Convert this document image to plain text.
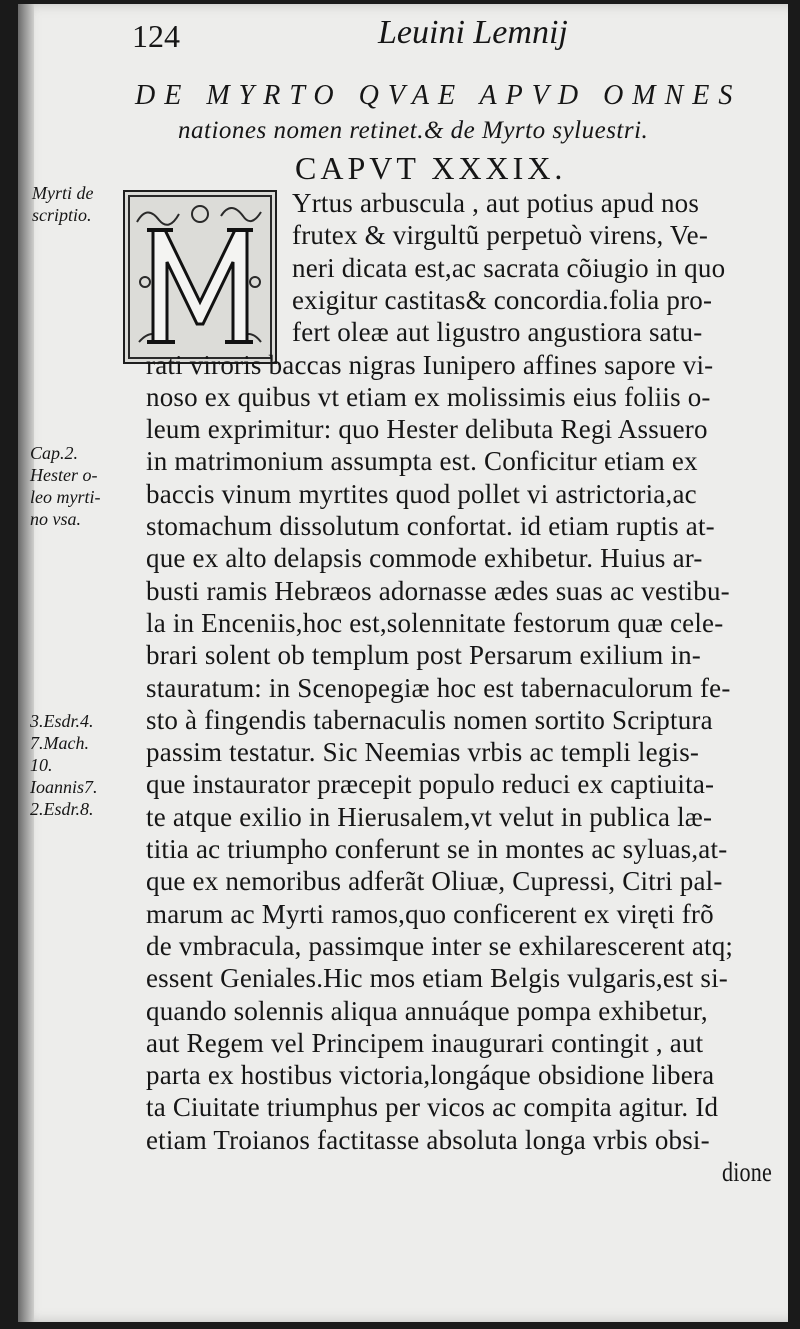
124	Leuini Lemnij
DE MYRTO QVAE APVD OMNES
nationes nomen retinet.& de Myrto syluestri.
CAPVT XXXIX.
Myrti de
scriptio.
Cap.2.
Hester o-
leo myrti-
no vsa.
3.Esdr.4.
7.Mach.
10.
Ioannis7.
2.Esdr.8.
Yrtus arbuscula , aut potius apud nos
frutex & virgultũ perpetuò virens, Ve-
neri dicata est,ac sacrata cõiugio in quo
exigitur castitas& concordia.folia pro-
fert oleæ aut ligustro angustiora satu-
rati viroris baccas nigras Iunipero affines sapore vi-
noso ex quibus vt etiam ex molissimis eius foliis o-
leum exprimitur: quo Hester delibuta Regi Assuero
in matrimonium assumpta est. Conficitur etiam ex
baccis vinum myrtites quod pollet vi astrictoria,ac
stomachum dissolutum confortat. id etiam ruptis at-
que ex alto delapsis commode exhibetur. Huius ar-
busti ramis Hebræos adornasse ædes suas ac vestibu-
la in Enceniis,hoc est,solennitate festorum quæ cele-
brari solent ob templum post Persarum exilium in-
stauratum: in Scenopegiæ hoc est tabernaculorum fe-
sto à fingendis tabernaculis nomen sortito Scriptura
passim testatur. Sic Neemias vrbis ac templi legis-
que instaurator præcepit populo reduci ex captiuita-
te atque exilio in Hierusalem,vt velut in publica læ-
titia ac triumpho conferunt se in montes ac syluas,at-
que ex nemoribus adferãt Oliuæ, Cupressi, Citri pal-
marum ac Myrti ramos,quo conficerent ex viręti frõ
de vmbracula, passimque inter se exhilarescerent atq;
essent Geniales.Hic mos etiam Belgis vulgaris,est si-
quando solennis aliqua annuáque pompa exhibetur,
aut Regem vel Principem inaugurari contingit , aut
parta ex hostibus victoria,longáque obsidione libera
ta Ciuitate triumphus per vicos ac compita agitur. Id
etiam Troianos factitasse absoluta longa vrbis obsi-
dione
